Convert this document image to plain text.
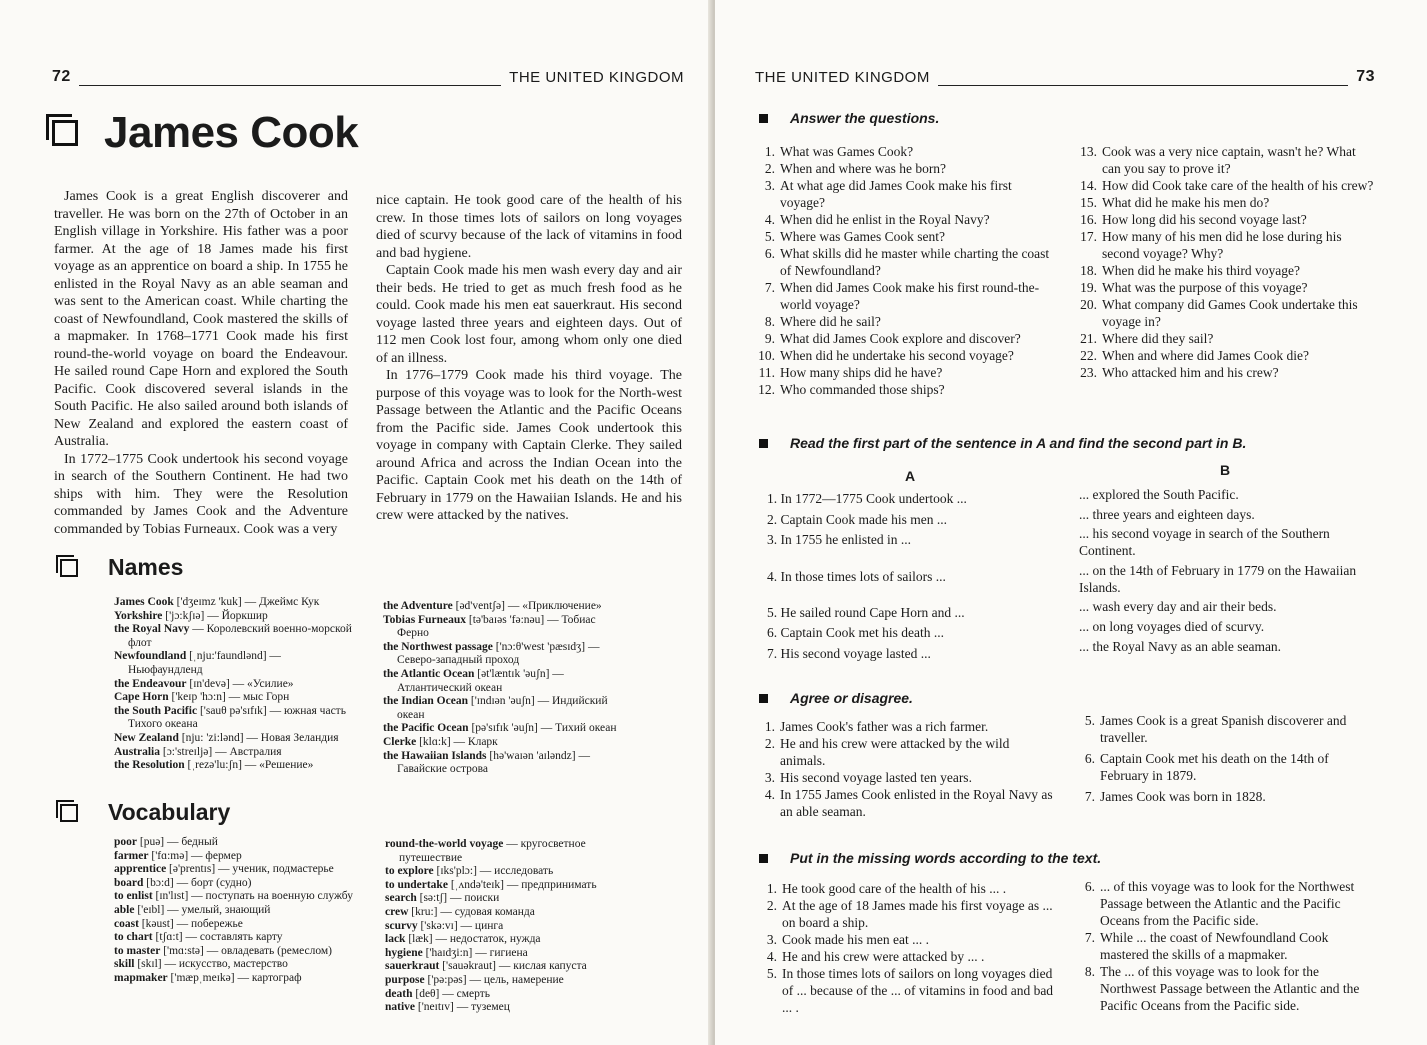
72	THE UNITED KINGDOM
James Cook

James Cook is a great English discoverer and traveller. He was born on the 27th of October in an English village in Yorkshire. His father was a poor farmer. At the age of 18 James made his first voyage as an apprentice on board a ship. In 1755 he enlisted in the Royal Navy as an able seaman and was sent to the American coast. While charting the coast of Newfoundland, Cook mastered the skills of a mapmaker. In 1768–1771 Cook made his first round-the-world voyage on board the Endeavour. He sailed round Cape Horn and explored the South Pacific. Cook discovered several islands in the South Pacific. He also sailed around both islands of New Zealand and explored the eastern coast of Australia.

In 1772–1775 Cook undertook his second voyage in search of the Southern Continent. He had two ships with him. They were the Resolution commanded by James Cook and the Adventure commanded by Tobias Furneaux. Cook was a very

nice captain. He took good care of the health of his crew. In those times lots of sailors on long voyages died of scurvy because of the lack of vitamins in food and bad hygiene.

Captain Cook made his men wash every day and air their beds. He tried to get as much fresh food as he could. Cook made his men eat sauerkraut. His second voyage lasted three years and eighteen days. Out of 112 men Cook lost four, among whom only one died of an illness.

In 1776–1779 Cook made his third voyage. The purpose of this voyage was to look for the North-west Passage between the Atlantic and the Pacific Oceans from the Pacific side. James Cook undertook this voyage in company with Captain Clerke. They sailed around Africa and across the Indian Ocean into the Pacific. Captain Cook met his death on the 14th of February in 1779 on the Hawaiian Islands. He and his crew were attacked by the natives.

Names
James Cook ['dʒeɪmz 'kuk] — Джеймс Кук
Yorkshire ['jɔ:kʃɪə] — Йоркшир
the Royal Navy — Королевский военно-морской флот
Newfoundland [ˌnju:'faundlənd] — Ньюфаундленд
the Endeavour [ɪn'devə] — «Усилие»
Cape Horn ['keɪp 'hɔ:n] — мыс Горн
the South Pacific ['sauθ pə'sɪfɪk] — южная часть Тихого океана
New Zealand [nju: 'zi:lənd] — Новая Зеландия
Australia [ɔ:'streɪljə] — Австралия
the Resolution [ˌrezə'lu:ʃn] — «Решение»
the Adventure [əd'ventʃə] — «Приключение»
Tobias Furneaux [tə'baɪəs 'fə:nəu] — Тобиас Фернo
the Northwest passage ['nɔ:θ'west 'pæsɪdʒ] — Северо-западный проход
the Atlantic Ocean [ət'læntɪk 'əuʃn] — Атлантический океан
the Indian Ocean ['ɪndɪən 'əuʃn] — Индийский океан
the Pacific Ocean [pə'sɪfɪk 'əuʃn] — Тихий океан
Clerke [klɑ:k] — Кларк
the Hawaiian Islands [hə'waɪən 'aɪləndz] — Гавайские острова
Vocabulary
poor [puə] — бедный
farmer ['fɑ:mə] — фермер
apprentice [ə'prentɪs] — ученик, подмастерье
board [bɔ:d] — борт (судно)
to enlist [ɪn'lɪst] — поступать на военную службу
able ['eɪbl] — умелый, знающий
coast [kəust] — побережье
to chart [tʃɑ:t] — составлять карту
to master ['mɑ:stə] — овладевать (ремеслом)
skill [skɪl] — искусство, мастерство
mapmaker ['mæpˌmeɪkə] — картограф
round-the-world voyage — кругосветное путешествие
to explore [ɪks'plɔ:] — исследовать
to undertake [ˌʌndə'teɪk] — предпринимать
search [sə:tʃ] — поиски
crew [kru:] — судовая команда
scurvy ['skə:vɪ] — цинга
lack [læk] — недостаток, нужда
hygiene ['haɪdʒi:n] — гигиена
sauerkraut ['sauəkraut] — кислая капуста
purpose ['pə:pəs] — цель, намерение
death [deθ] — смерть
native ['neɪtɪv] — туземец
THE UNITED KINGDOM	73
Answer the questions.
1. What was Games Cook?
2. When and where was he born?
3. At what age did James Cook make his first voyage?
4. When did he enlist in the Royal Navy?
5. Where was Games Cook sent?
6. What skills did he master while charting the coast of Newfoundland?
7. When did James Cook make his first round-the-world voyage?
8. Where did he sail?
9. What did James Cook explore and discover?
10. When did he undertake his second voyage?
11. How many ships did he have?
12. Who commanded those ships?
13. Cook was a very nice captain, wasn't he? What can you say to prove it?
14. How did Cook take care of the health of his crew?
15. What did he make his men do?
16. How long did his second voyage last?
17. How many of his men did he lose during his second voyage? Why?
18. When did he make his third voyage?
19. What was the purpose of this voyage?
20. What company did Games Cook undertake this voyage in?
21. Where did they sail?
22. When and where did James Cook die?
23. Who attacked him and his crew?
Read the first part of the sentence in A and find the second part in B.
A	B
1. In 1772—1775 Cook undertook ...	... explored the South Pacific.
2. Captain Cook made his men ...	... three years and eighteen days.
3. In 1755 he enlisted in ...	... his second voyage in search of the Southern Continent.
4. In those times lots of sailors ...	... on the 14th of February in 1779 on the Hawaiian Islands.
5. He sailed round Cape Horn and ...	... wash every day and air their beds.
6. Captain Cook met his death ...	... on long voyages died of scurvy.
7. His second voyage lasted ...	... the Royal Navy as an able seaman.
Agree or disagree.
1. James Cook's father was a rich farmer.
2. He and his crew were attacked by the wild animals.
3. His second voyage lasted ten years.
4. In 1755 James Cook enlisted in the Royal Navy as an able seaman.
5. James Cook is a great Spanish discoverer and traveller.
6. Captain Cook met his death on the 14th of February in 1879.
7. James Cook was born in 1828.
Put in the missing words according to the text.
1. He took good care of the health of his ... .
2. At the age of 18 James made his first voyage as ... on board a ship.
3. Cook made his men eat ... .
4. He and his crew were attacked by ... .
5. In those times lots of sailors on long voyages died of ... because of the ... of vitamins in food and bad ... .
6. ... of this voyage was to look for the Northwest Passage between the Atlantic and the Pacific Oceans from the Pacific side.
7. While ... the coast of Newfoundland Cook mastered the skills of a mapmaker.
8. The ... of this voyage was to look for the Northwest Passage between the Atlantic and the Pacific Oceans from the Pacific side.
